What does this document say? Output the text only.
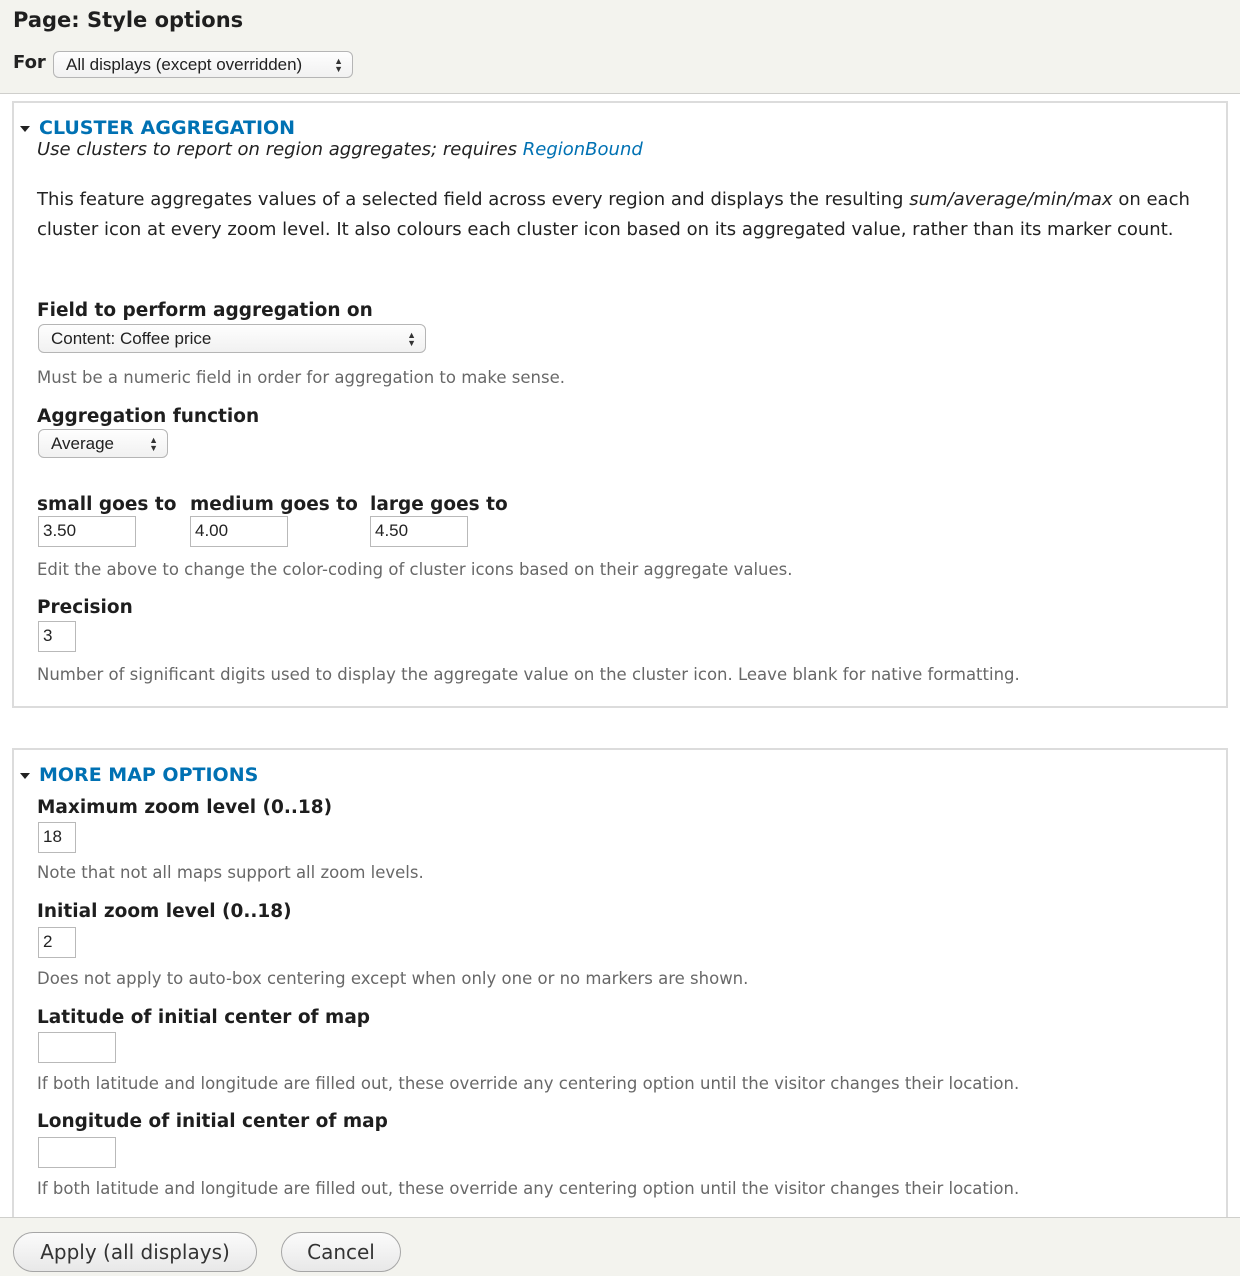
Page: Style options
For All displays (except overridden)	▲
▼
CLUSTER AGGREGATION
Use clusters to report on region aggregates; requires RegionBound
This feature aggregates values of a selected field across every region and displays the resulting sum/average/min/max on each cluster icon at every zoom level. It also colours each cluster icon based on its aggregated value, rather than its marker count.
Field to perform aggregation on
Content: Coffee price	▲
▼
Must be a numeric field in order for aggregation to make sense.
Aggregation function
Average	▲
▼
small goes to medium goes to large goes to
3.50	4.00	4.50
Edit the above to change the color-coding of cluster icons based on their aggregate values.
Precision
3
Number of significant digits used to display the aggregate value on the cluster icon. Leave blank for native formatting.
MORE MAP OPTIONS
Maximum zoom level (0..18)
18
Note that not all maps support all zoom levels.
Initial zoom level (0..18)
2
Does not apply to auto-box centering except when only one or no markers are shown.
Latitude of initial center of map
If both latitude and longitude are filled out, these override any centering option until the visitor changes their location.
Longitude of initial center of map
If both latitude and longitude are filled out, these override any centering option until the visitor changes their location.
Apply (all displays)	Cancel
